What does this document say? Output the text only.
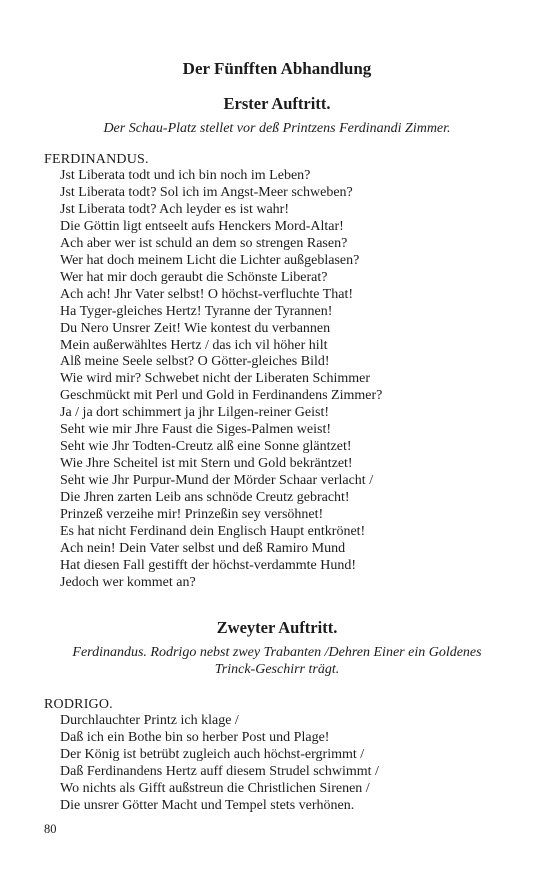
Der Fünfften Abhandlung
Erster Auftritt.
Der Schau-Platz stellet vor deß Printzens Ferdinandi Zimmer.
FERDINANDUS.
Jst Liberata todt und ich bin noch im Leben?
Jst Liberata todt? Sol ich im Angst-Meer schweben?
Jst Liberata todt? Ach leyder es ist wahr!
Die Göttin ligt entseelt aufs Henckers Mord-Altar!
Ach aber wer ist schuld an dem so strengen Rasen?
Wer hat doch meinem Licht die Lichter außgeblasen?
Wer hat mir doch geraubt die Schönste Liberat?
Ach ach! Jhr Vater selbst! O höchst-verfluchte That!
Ha Tyger-gleiches Hertz! Tyranne der Tyrannen!
Du Nero Unsrer Zeit! Wie kontest du verbannen
Mein außerwähltes Hertz / das ich vil höher hilt
Alß meine Seele selbst? O Götter-gleiches Bild!
Wie wird mir? Schwebet nicht der Liberaten Schimmer
Geschmückt mit Perl und Gold in Ferdinandens Zimmer?
Ja / ja dort schimmert ja jhr Lilgen-reiner Geist!
Seht wie mir Jhre Faust die Siges-Palmen weist!
Seht wie Jhr Todten-Creutz alß eine Sonne gläntzet!
Wie Jhre Scheitel ist mit Stern und Gold bekräntzet!
Seht wie Jhr Purpur-Mund der Mörder Schaar verlacht /
Die Jhren zarten Leib ans schnöde Creutz gebracht!
Prinzeß verzeihe mir! Prinzeßin sey versöhnet!
Es hat nicht Ferdinand dein Englisch Haupt entkrönet!
Ach nein! Dein Vater selbst und deß Ramiro Mund
Hat diesen Fall gestifft der höchst-verdammte Hund!
Jedoch wer kommet an?
Zweyter Auftritt.
Ferdinandus. Rodrigo nebst zwey Trabanten /Dehren Einer ein Goldenes
Trinck-Geschirr trägt.
RODRIGO.
Durchlauchter Printz ich klage /
Daß ich ein Bothe bin so herber Post und Plage!
Der König ist betrübt zugleich auch höchst-ergrimmt /
Daß Ferdinandens Hertz auff diesem Strudel schwimmt /
Wo nichts als Gifft außstreun die Christlichen Sirenen /
Die unsrer Götter Macht und Tempel stets verhönen.
80
